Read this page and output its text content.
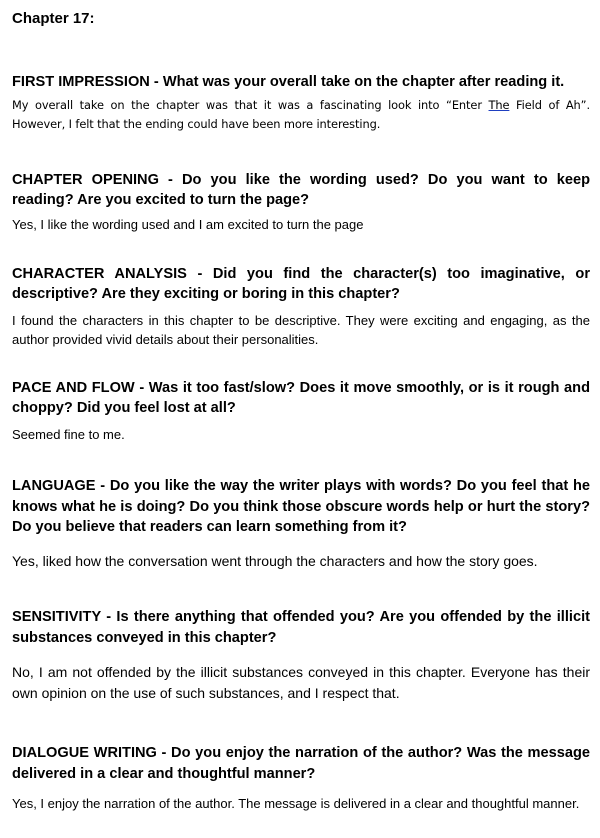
Chapter 17:

FIRST IMPRESSION - What was your overall take on the chapter after reading it.

My overall take on the chapter was that it was a fascinating look into “Enter The Field of Ah”. However, I felt that the ending could have been more interesting.

CHAPTER OPENING - Do you like the wording used? Do you want to keep reading? Are you excited to turn the page?

Yes, I like the wording used and I am excited to turn the page

CHARACTER ANALYSIS - Did you find the character(s) too imaginative, or descriptive? Are they exciting or boring in this chapter?

I found the characters in this chapter to be descriptive. They were exciting and engaging, as the author provided vivid details about their personalities.

PACE AND FLOW - Was it too fast/slow? Does it move smoothly, or is it rough and choppy? Did you feel lost at all?

Seemed fine to me.

LANGUAGE - Do you like the way the writer plays with words? Do you feel that he knows what he is doing? Do you think those obscure words help or hurt the story? Do you believe that readers can learn something from it?

Yes, liked how the conversation went through the characters and how the story goes.

SENSITIVITY - Is there anything that offended you? Are you offended by the illicit substances conveyed in this chapter?

No, I am not offended by the illicit substances conveyed in this chapter. Everyone has their own opinion on the use of such substances, and I respect that.

DIALOGUE WRITING - Do you enjoy the narration of the author? Was the message delivered in a clear and thoughtful manner?

Yes, I enjoy the narration of the author. The message is delivered in a clear and thoughtful manner.
